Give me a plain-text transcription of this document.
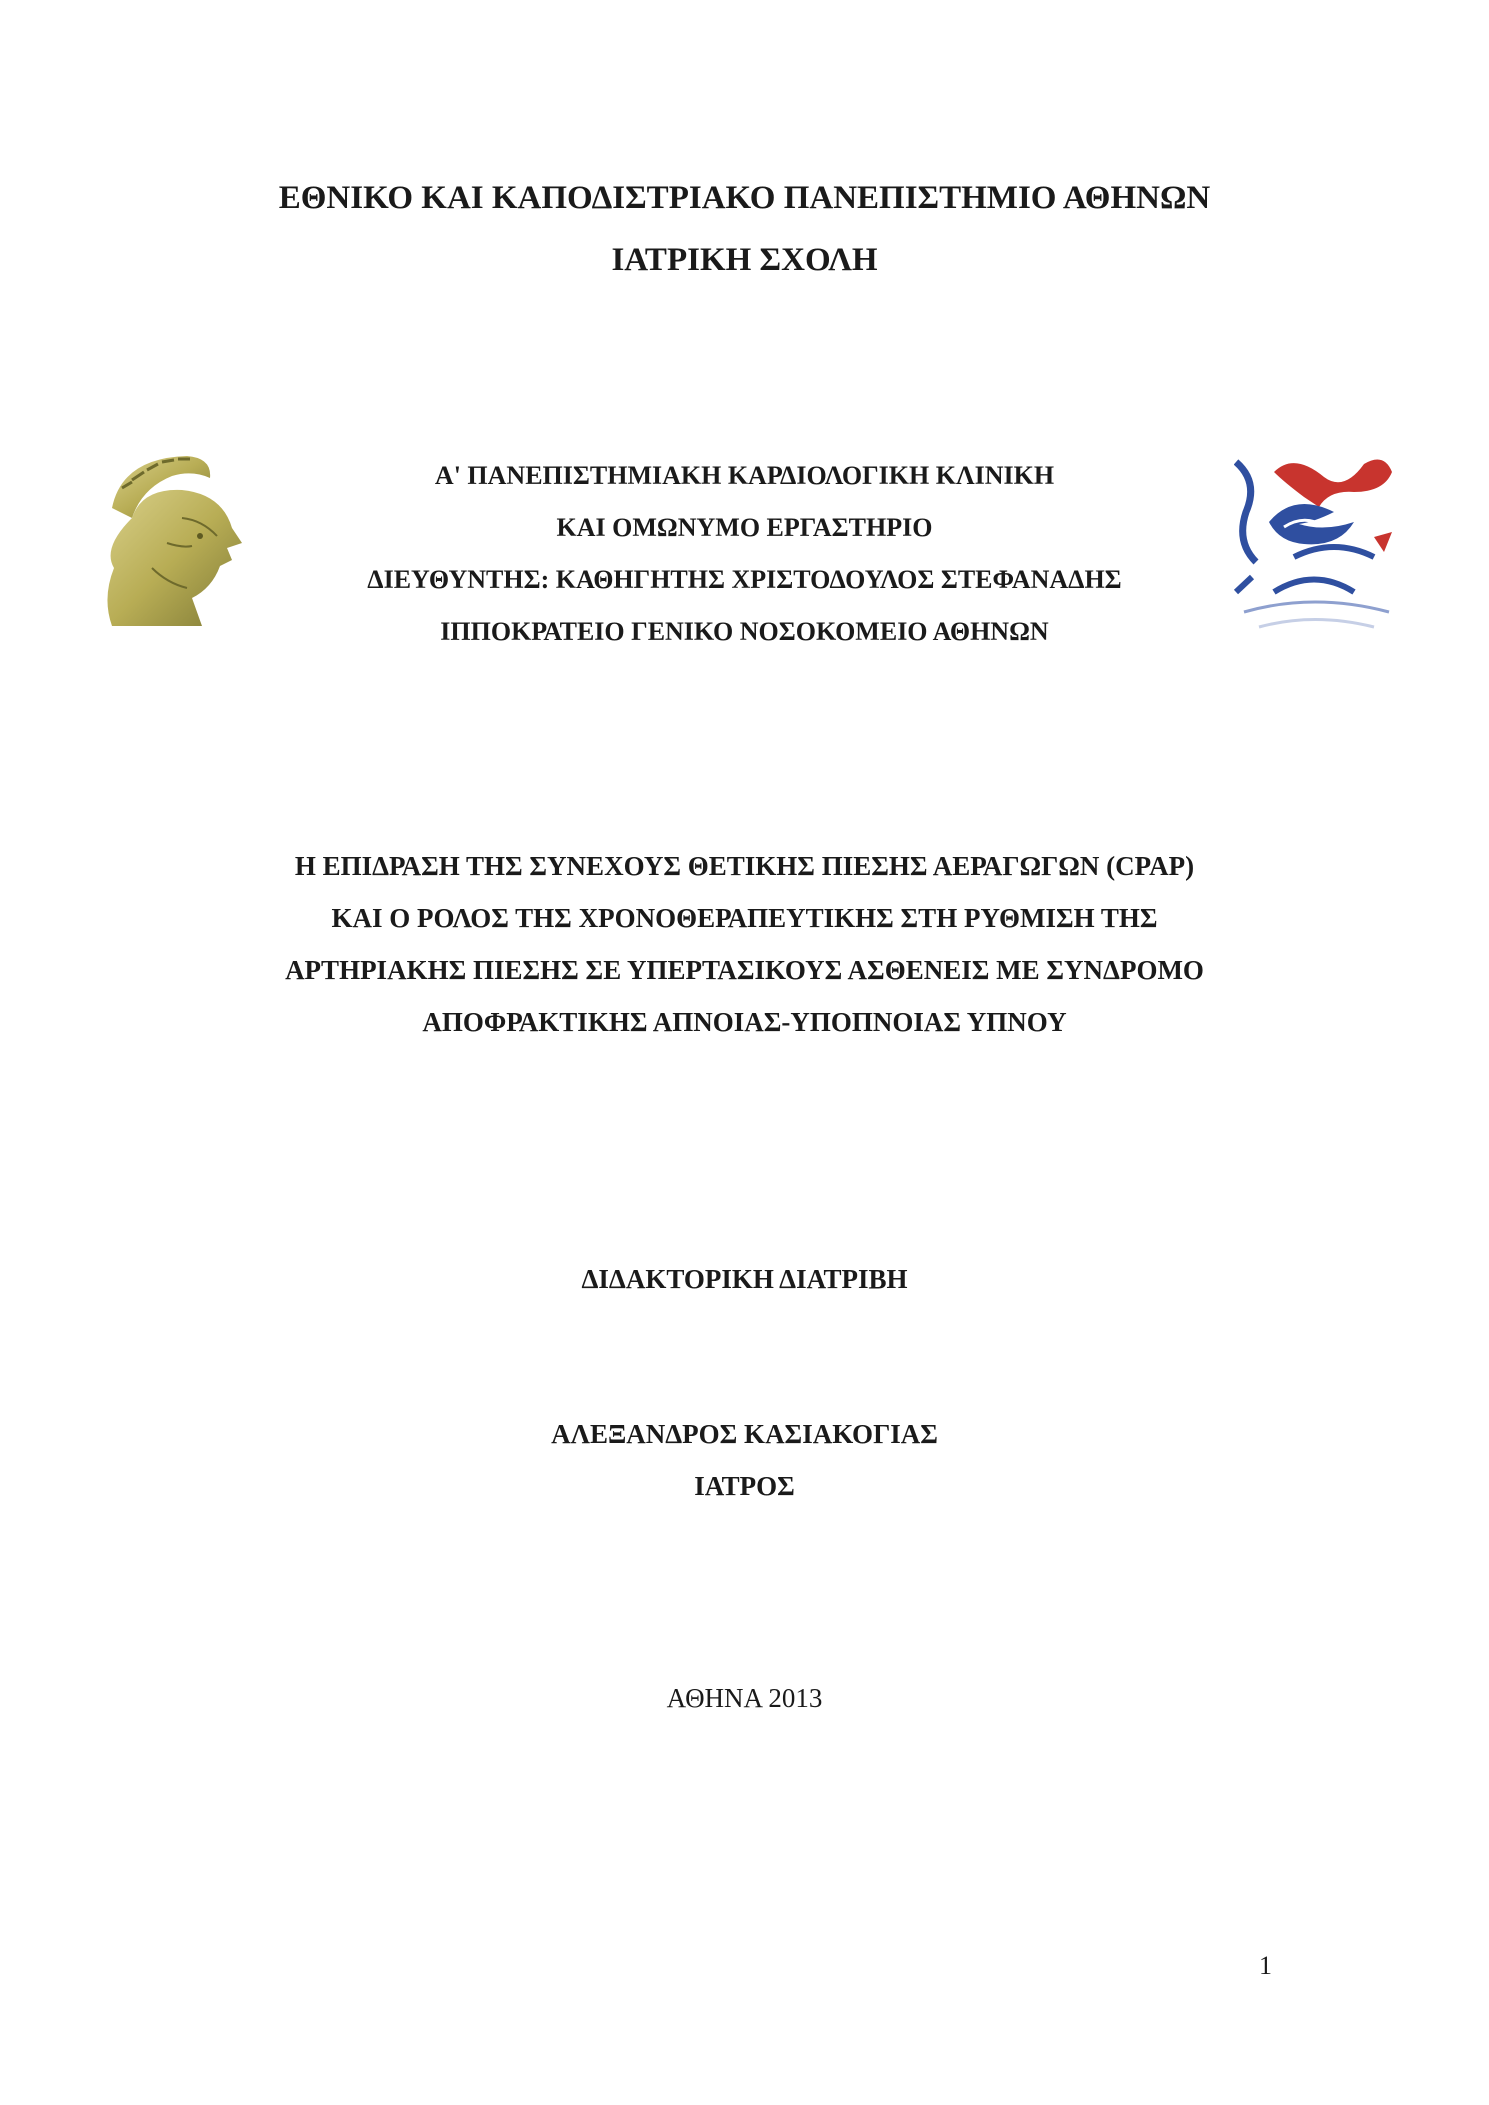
ΕΘΝΙΚΟ ΚΑΙ ΚΑΠΟΔΙΣΤΡΙΑΚΟ ΠΑΝΕΠΙΣΤΗΜΙΟ ΑΘΗΝΩΝ
ΙΑΤΡΙΚΗ ΣΧΟΛΗ
Α' ΠΑΝΕΠΙΣΤΗΜΙΑΚΗ ΚΑΡΔΙΟΛΟΓΙΚΗ ΚΛΙΝΙΚΗ
ΚΑΙ ΟΜΩΝΥΜΟ ΕΡΓΑΣΤΗΡΙΟ
ΔΙΕΥΘΥΝΤΗΣ: ΚΑΘΗΓΗΤΗΣ ΧΡΙΣΤΟΔΟΥΛΟΣ ΣΤΕΦΑΝΑΔΗΣ
ΙΠΠΟΚΡΑΤΕΙΟ ΓΕΝΙΚΟ ΝΟΣΟΚΟΜΕΙΟ ΑΘΗΝΩΝ
Η ΕΠΙΔΡΑΣΗ ΤΗΣ ΣΥΝΕΧΟΥΣ ΘΕΤΙΚΗΣ ΠΙΕΣΗΣ ΑΕΡΑΓΩΓΩΝ (CPAP)
ΚΑΙ Ο ΡΟΛΟΣ ΤΗΣ ΧΡΟΝΟΘΕΡΑΠΕΥΤΙΚΗΣ ΣΤΗ ΡΥΘΜΙΣΗ ΤΗΣ
ΑΡΤΗΡΙΑΚΗΣ ΠΙΕΣΗΣ ΣΕ ΥΠΕΡΤΑΣΙΚΟΥΣ ΑΣΘΕΝΕΙΣ ΜΕ ΣΥΝΔΡΟΜΟ
ΑΠΟΦΡΑΚΤΙΚΗΣ ΑΠΝΟΙΑΣ-ΥΠΟΠΝΟΙΑΣ ΥΠΝΟΥ
ΔΙΔΑΚΤΟΡΙΚΗ ΔΙΑΤΡΙΒΗ
ΑΛΕΞΑΝΔΡΟΣ ΚΑΣΙΑΚΟΓΙΑΣ
ΙΑΤΡΟΣ
ΑΘΗΝΑ 2013
1
